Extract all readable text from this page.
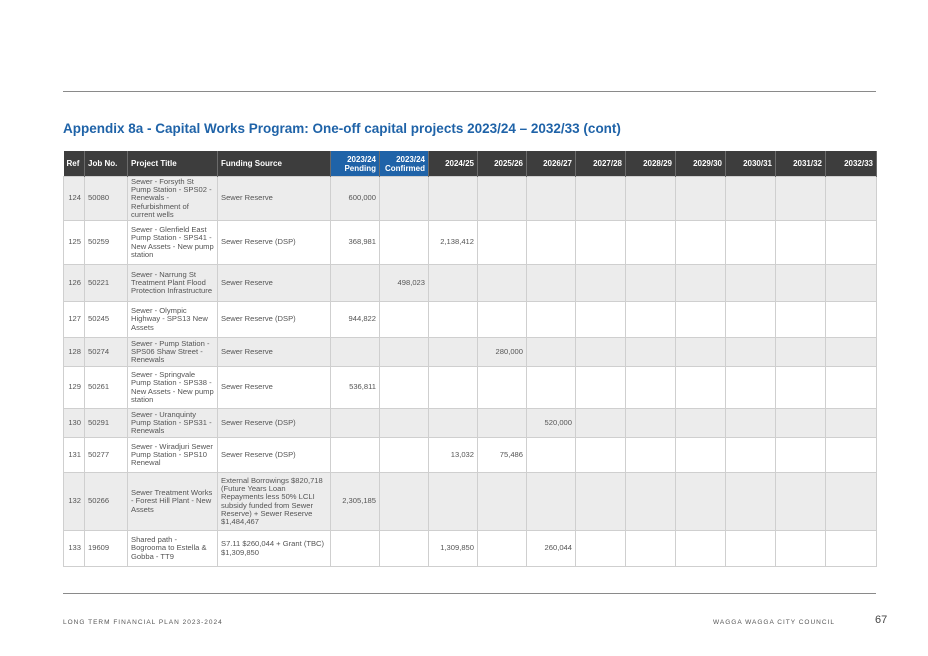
Appendix 8a - Capital Works Program: One-off capital projects 2023/24 – 2032/33 (cont)
Ref	Job No.	Project Title	Funding Source	2023/24 Pending	2023/24 Confirmed	2024/25	2025/26	2026/27	2027/28	2028/29	2029/30	2030/31	2031/32	2032/33
124	50080	Sewer - Forsyth St Pump Station - SPS02 - Renewals - Refurbishment of current wells	Sewer Reserve	600,000										
125	50259	Sewer - Glenfield East Pump Station - SPS41 - New Assets - New pump station	Sewer Reserve (DSP)	368,981		2,138,412								
126	50221	Sewer - Narrung St Treatment Plant Flood Protection Infrastructure	Sewer Reserve		498,023									
127	50245	Sewer - Olympic Highway - SPS13 New Assets	Sewer Reserve (DSP)	944,822										
128	50274	Sewer - Pump Station - SPS06 Shaw Street - Renewals	Sewer Reserve				280,000							
129	50261	Sewer - Springvale Pump Station - SPS38 - New Assets - New pump station	Sewer Reserve	536,811										
130	50291	Sewer - Uranquinty Pump Station - SPS31 - Renewals	Sewer Reserve (DSP)					520,000						
131	50277	Sewer - Wiradjuri Sewer Pump Station - SPS10 Renewal	Sewer Reserve (DSP)			13,032	75,486							
132	50266	Sewer Treatment Works - Forest Hill Plant - New Assets	External Borrowings $820,718 (Future Years Loan Repayments less 50% LCLI subsidy funded from Sewer Reserve) + Sewer Reserve $1,484,467	2,305,185										
133	19609	Shared path - Bogrooma to Estella & Gobba - TT9	S7.11 $260,044 + Grant (TBC) $1,309,850			1,309,850		260,044						
LONG TERM FINANCIAL PLAN 2023-2024	WAGGA WAGGA CITY COUNCIL	67
